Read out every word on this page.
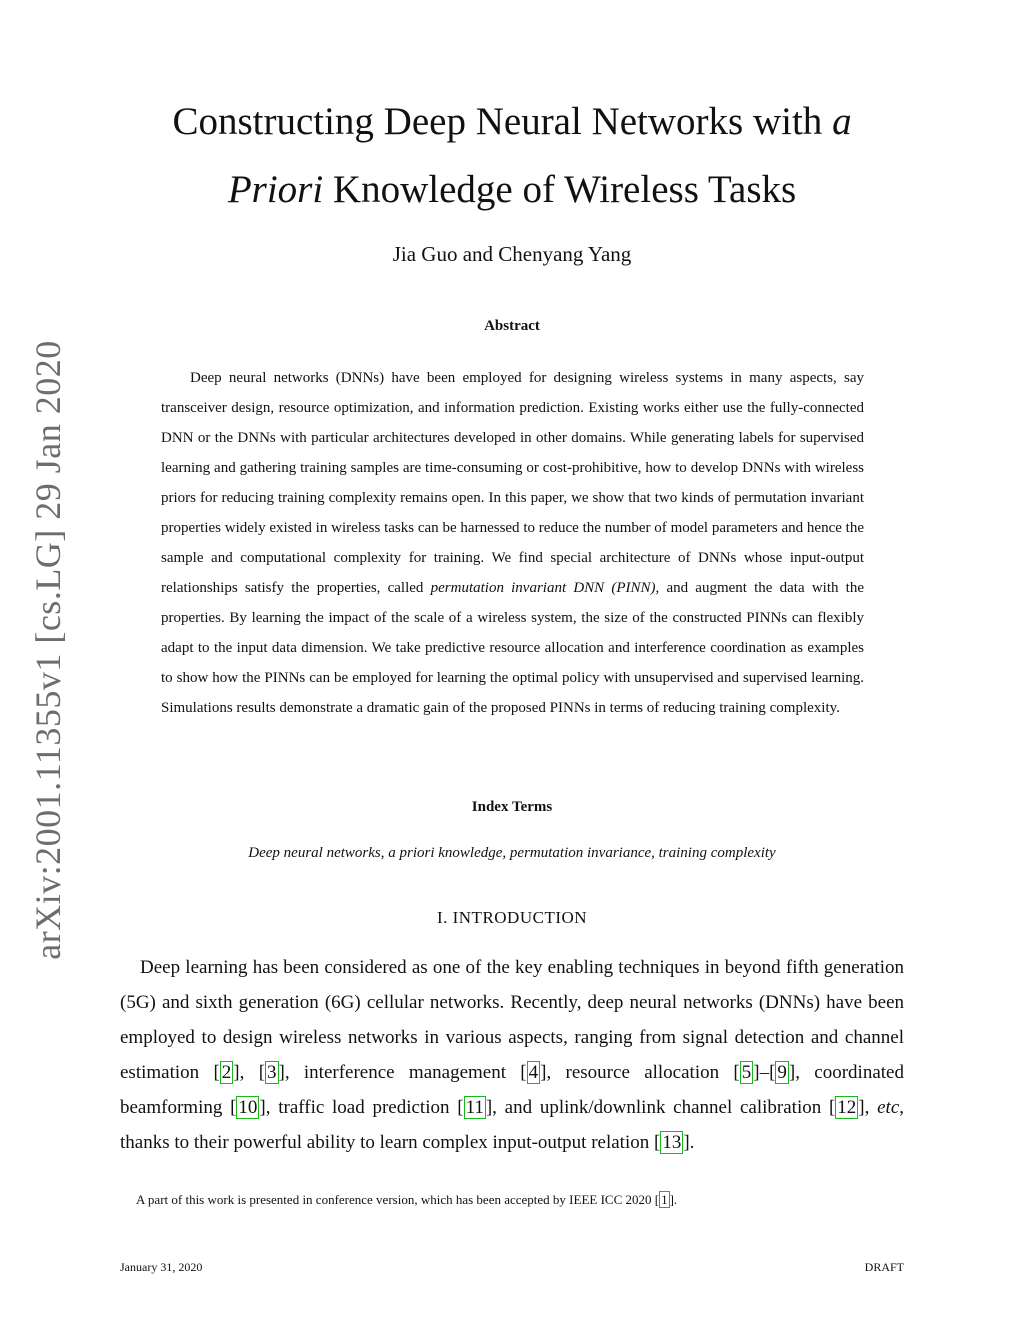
arXiv:2001.11355v1 [cs.LG] 29 Jan 2020
Constructing Deep Neural Networks with a
Priori Knowledge of Wireless Tasks
Jia Guo and Chenyang Yang
Abstract
Deep neural networks (DNNs) have been employed for designing wireless systems in many aspects, say transceiver design, resource optimization, and information prediction. Existing works either use the fully-connected DNN or the DNNs with particular architectures developed in other domains. While generating labels for supervised learning and gathering training samples are time-consuming or cost-prohibitive, how to develop DNNs with wireless priors for reducing training complexity remains open. In this paper, we show that two kinds of permutation invariant properties widely existed in wireless tasks can be harnessed to reduce the number of model parameters and hence the sample and computational complexity for training. We find special architecture of DNNs whose input-output relationships satisfy the properties, called permutation invariant DNN (PINN), and augment the data with the properties. By learning the impact of the scale of a wireless system, the size of the constructed PINNs can flexibly adapt to the input data dimension. We take predictive resource allocation and interference coordination as examples to show how the PINNs can be employed for learning the optimal policy with unsupervised and supervised learning. Simulations results demonstrate a dramatic gain of the proposed PINNs in terms of reducing training complexity.
Index Terms
Deep neural networks, a priori knowledge, permutation invariance, training complexity
I. INTRODUCTION
Deep learning has been considered as one of the key enabling techniques in beyond fifth generation (5G) and sixth generation (6G) cellular networks. Recently, deep neural networks (DNNs) have been employed to design wireless networks in various aspects, ranging from signal detection and channel estimation [ 2 ], [ 3 ], interference management [ 4 ], resource allocation [ 5 ]–[ 9 ], coordinated beamforming [ 10 ], traffic load prediction [ 11 ], and uplink/downlink channel calibration [ 12 ], etc, thanks to their powerful ability to learn complex input-output relation [ 13 ].
A part of this work is presented in conference version, which has been accepted by IEEE ICC 2020 [ 1 ].
January 31, 2020	DRAFT
